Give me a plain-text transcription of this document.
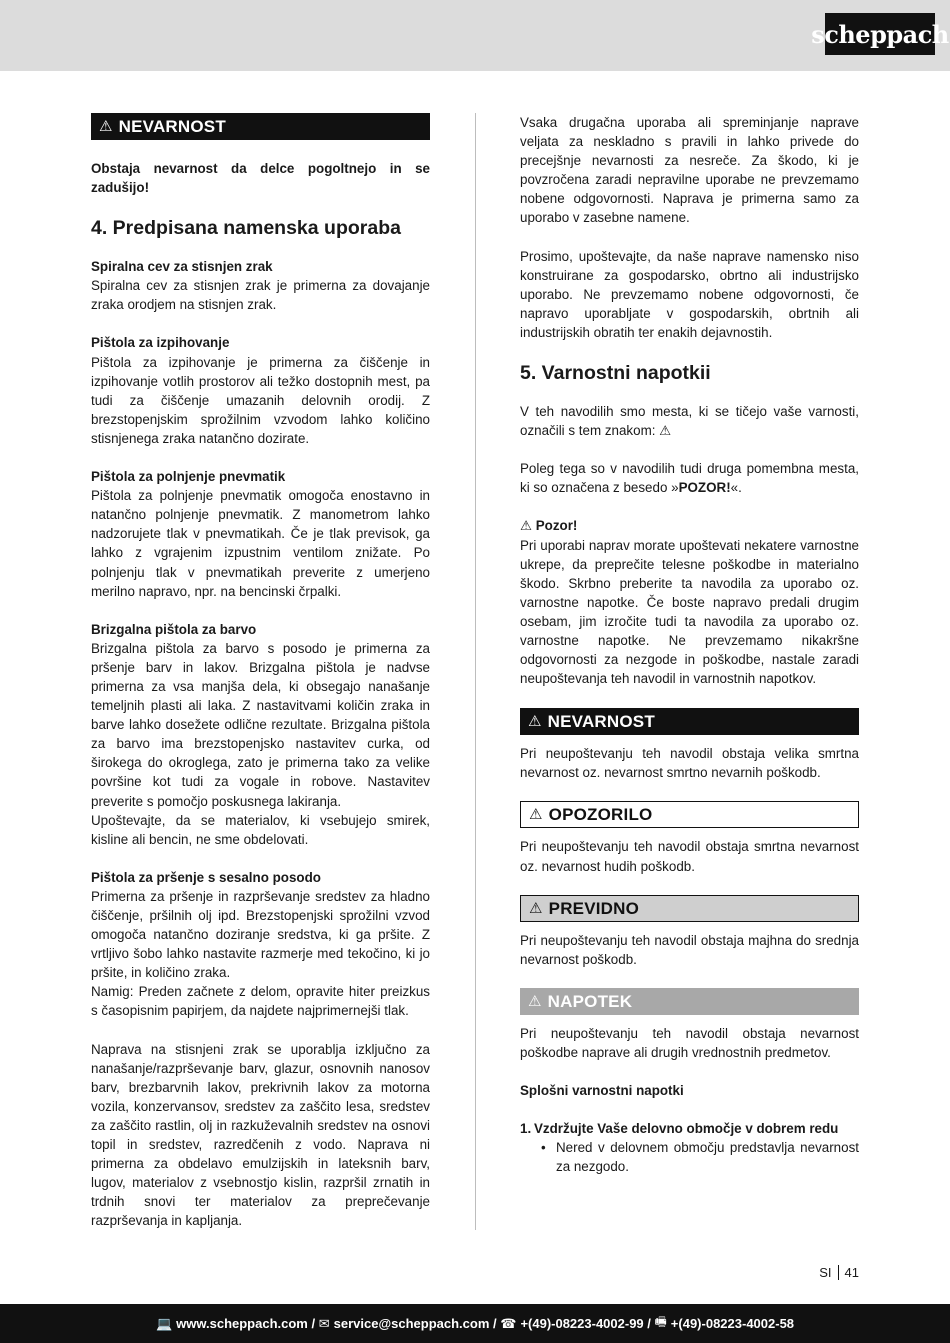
scheppach
⚠ NEVARNOST

Obstaja nevarnost da delce pogoltnejo in se zadušijo!

4. Predpisana namenska uporaba

Spiralna cev za stisnjen zrak

Spiralna cev za stisnjen zrak je primerna za dovajanje zraka orodjem na stisnjen zrak.

Pištola za izpihovanje

Pištola za izpihovanje je primerna za čiščenje in izpihovanje votlih prostorov ali težko dostopnih mest, pa tudi za čiščenje umazanih delovnih orodij. Z brezstopenjskim sprožilnim vzvodom lahko količino stisnjenega zraka natančno dozirate.

Pištola za polnjenje pnevmatik

Pištola za polnjenje pnevmatik omogoča enostavno in natančno polnjenje pnevmatik. Z manometrom lahko nadzorujete tlak v pnevmatikah. Če je tlak previsok, ga lahko z vgrajenim izpustnim ventilom znižate. Po polnjenju tlak v pnevmatikah preverite z umerjeno merilno napravo, npr. na bencinski črpalki.

Brizgalna pištola za barvo

Brizgalna pištola za barvo s posodo je primerna za pršenje barv in lakov. Brizgalna pištola je nadvse primerna za vsa manjša dela, ki obsegajo nanašanje temeljnih plasti ali laka. Z nastavitvami količin zraka in barve lahko dosežete odlične rezultate. Brizgalna pištola za barvo ima brezstopenjsko nastavitev curka, od širokega do okroglega, zato je primerna tako za velike površine kot tudi za vogale in robove. Nastavitev preverite s pomočjo poskusnega lakiranja.

Upoštevajte, da se materialov, ki vsebujejo smirek, kisline ali bencin, ne sme obdelovati.

Pištola za pršenje s sesalno posodo

Primerna za pršenje in razprševanje sredstev za hladno čiščenje, pršilnih olj ipd. Brezstopenjski sprožilni vzvod omogoča natančno doziranje sredstva, ki ga pršite. Z vrtljivo šobo lahko nastavite razmerje med tekočino, ki jo pršite, in količino zraka.

Namig: Preden začnete z delom, opravite hiter preizkus s časopisnim papirjem, da najdete najprimernejši tlak.

Naprava na stisnjeni zrak se uporablja izključno za nanašanje/razprševanje barv, glazur, osnovnih nanosov barv, brezbarvnih lakov, prekrivnih lakov za motorna vozila, konzervansov, sredstev za zaščito lesa, sredstev za zaščito rastlin, olj in razkuževalnih sredstev na osnovi topil in sredstev, razredčenih z vodo. Naprava ni primerna za obdelavo emulzijskih in lateksnih barv, lugov, materialov z vsebnostjo kislin, razpršil zrnatih in trdnih snovi ter materialov za preprečevanje razprševanja in kapljanja.

Vsaka drugačna uporaba ali spreminjanje naprave veljata za neskladno s pravili in lahko privede do precejšnje nevarnosti za nesreče. Za škodo, ki je povzročena zaradi nepravilne uporabe ne prevzemamo nobene odgovornosti. Naprava je primerna samo za uporabo v zasebne namene.

Prosimo, upoštevajte, da naše naprave namensko niso konstruirane za gospodarsko, obrtno ali industrijsko uporabo. Ne prevzemamo nobene odgovornosti, če napravo uporabljate v gospodarskih, obrtnih ali industrijskih obratih ter enakih dejavnostih.

5. Varnostni napotkii

V teh navodilih smo mesta, ki se tičejo vaše varnosti, označili s tem znakom: ⚠

Poleg tega so v navodilih tudi druga pomembna mesta, ki so označena z besedo »POZOR!«.

⚠ Pozor!

Pri uporabi naprav morate upoštevati nekatere varnostne ukrepe, da preprečite telesne poškodbe in materialno škodo. Skrbno preberite ta navodila za uporabo oz. varnostne napotke. Če boste napravo predali drugim osebam, jim izročite tudi ta navodila za uporabo oz. varnostne napotke. Ne prevzemamo nikakršne odgovornosti za nezgode in poškodbe, nastale zaradi neupoštevanja teh navodil in varnostnih napotkov.

⚠ NEVARNOST

Pri neupoštevanju teh navodil obstaja velika smrtna nevarnost oz. nevarnost smrtno nevarnih poškodb.

⚠ OPOZORILO

Pri neupoštevanju teh navodil obstaja smrtna nevarnost oz. nevarnost hudih poškodb.

⚠ PREVIDNO

Pri neupoštevanju teh navodil obstaja majhna do srednja nevarnost poškodb.

⚠ NAPOTEK

Pri neupoštevanju teh navodil obstaja nevarnost poškodbe naprave ali drugih vrednostnih predmetov.

Splošni varnostni napotki

1. Vzdržujte Vaše delovno območje v dobrem redu
• Nered v delovnem območju predstavlja nevarnost za nezgodo.
SI 41
💻 www.scheppach.com / ✉ service@scheppach.com / ☎ +(49)-08223-4002-99 / 🖷 +(49)-08223-4002-58
